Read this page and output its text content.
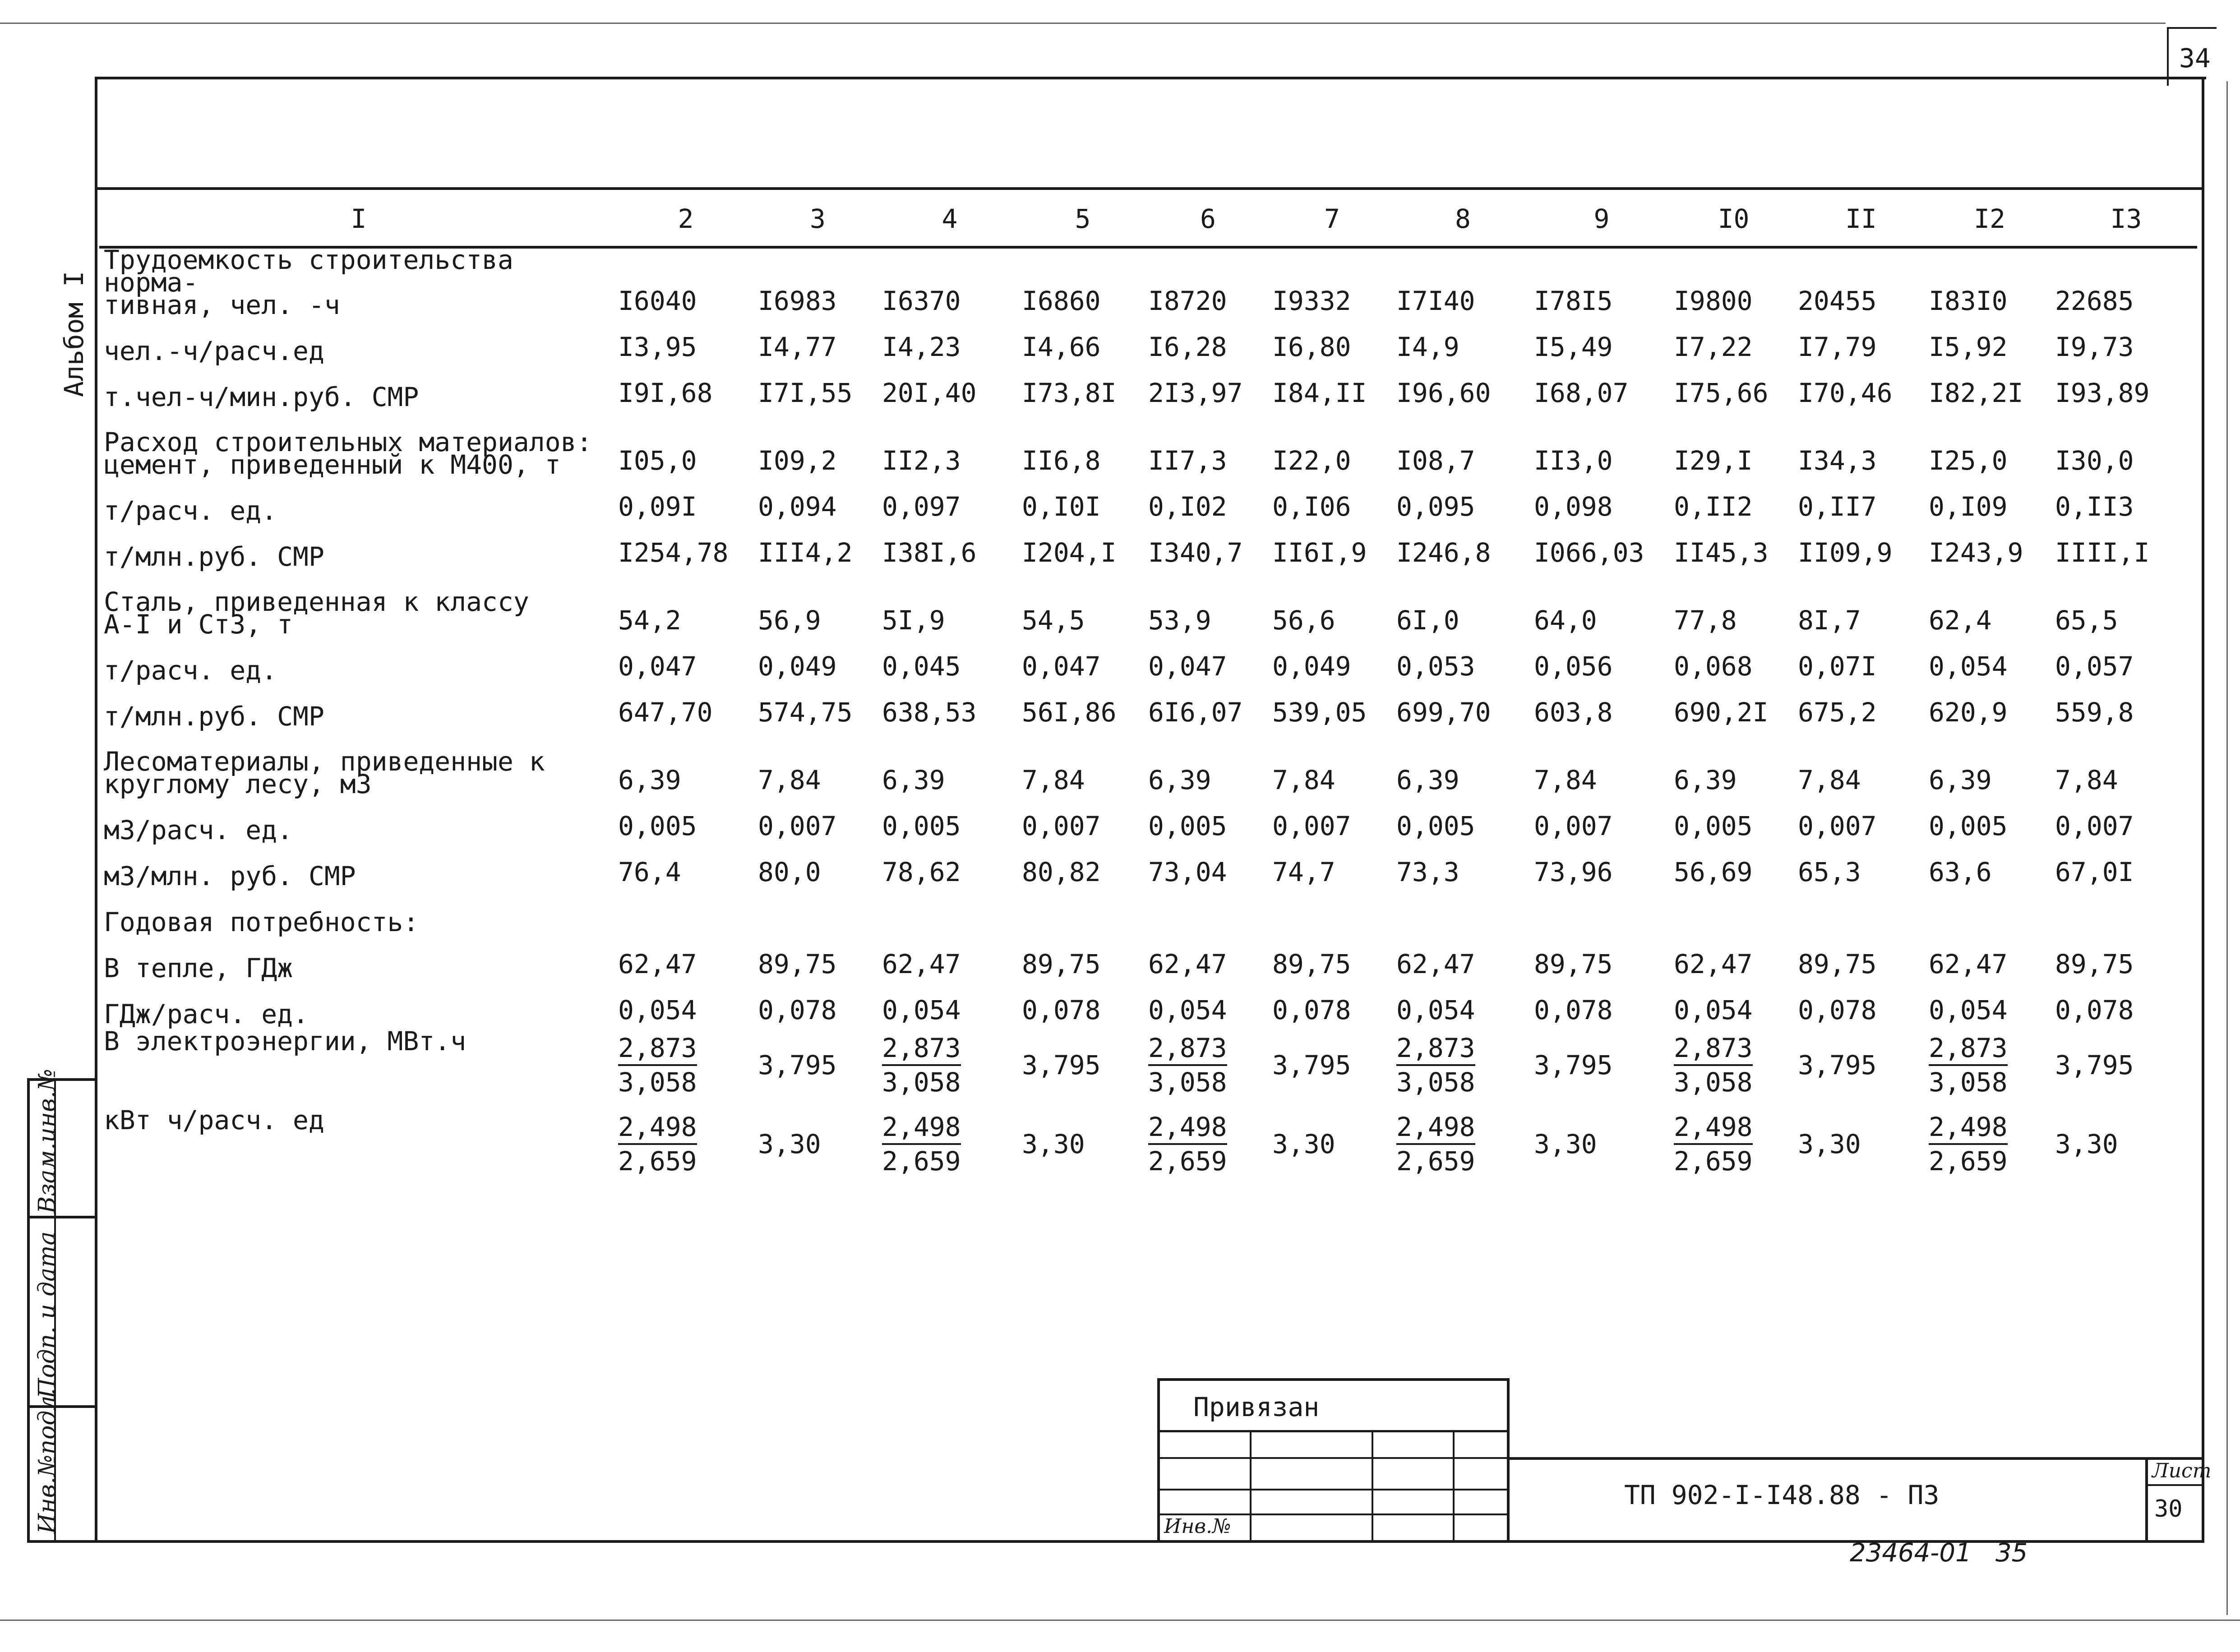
34
Альбом I
Взам.инв.№
Подп. и дата
Инв.№подл.
I	2	3	4	5	6	7	8	9	I0	II	I2	I3
Трудоемкость строительства норма-
тивная, чел. -ч	I6040	I6983	I6370	I6860	I8720	I9332	I7I40	I78I5	I9800	20455	I83I0	22685
чел.-ч/расч.ед	I3,95	I4,77	I4,23	I4,66	I6,28	I6,80	I4,9	I5,49	I7,22	I7,79	I5,92	I9,73
т.чел-ч/мин.руб. СМР	I9I,68	I7I,55	20I,40	I73,8I	2I3,97	I84,II	I96,60	I68,07	I75,66	I70,46	I82,2I	I93,89
Расход строительных материалов:
цемент, приведенный к М400, т	I05,0	I09,2	II2,3	II6,8	II7,3	I22,0	I08,7	II3,0	I29,I	I34,3	I25,0	I30,0
т/расч. ед.	0,09I	0,094	0,097	0,I0I	0,I02	0,I06	0,095	0,098	0,II2	0,II7	0,I09	0,II3
т/млн.руб. СМР	I254,78	III4,2	I38I,6	I204,I	I340,7	II6I,9	I246,8	I066,03	II45,3	II09,9	I243,9	IIII,I
Сталь, приведенная к классу
А-I и Ст3, т	54,2	56,9	5I,9	54,5	53,9	56,6	6I,0	64,0	77,8	8I,7	62,4	65,5
т/расч. ед.	0,047	0,049	0,045	0,047	0,047	0,049	0,053	0,056	0,068	0,07I	0,054	0,057
т/млн.руб. СМР	647,70	574,75	638,53	56I,86	6I6,07	539,05	699,70	603,8	690,2I	675,2	620,9	559,8
Лесоматериалы, приведенные к
круглому лесу, м3	6,39	7,84	6,39	7,84	6,39	7,84	6,39	7,84	6,39	7,84	6,39	7,84
м3/расч. ед.	0,005	0,007	0,005	0,007	0,005	0,007	0,005	0,007	0,005	0,007	0,005	0,007
м3/млн. руб. СМР	76,4	80,0	78,62	80,82	73,04	74,7	73,3	73,96	56,69	65,3	63,6	67,0I
Годовая потребность:												
В тепле, ГДж	62,47	89,75	62,47	89,75	62,47	89,75	62,47	89,75	62,47	89,75	62,47	89,75
ГДж/расч. ед.	0,054	0,078	0,054	0,078	0,054	0,078	0,054	0,078	0,054	0,078	0,054	0,078
В электроэнергии, МВт.ч	$\frac{2,873}{3,058}$	3,795	$\frac{2,873}{3,058}$	3,795	$\frac{2,873}{3,058}$	3,795	$\frac{2,873}{3,058}$	3,795	$\frac{2,873}{3,058}$	3,795	$\frac{2,873}{3,058}$	3,795
кВт ч/расч. ед	$\frac{2,498}{2,659}$	3,30	$\frac{2,498}{2,659}$	3,30	$\frac{2,498}{2,659}$	3,30	$\frac{2,498}{2,659}$	3,30	$\frac{2,498}{2,659}$	3,30	$\frac{2,498}{2,659}$	3,30
Привязан
Инв.№
ТП 902-I-I48.88 - ПЗ
Лист
30
23464-01   35
